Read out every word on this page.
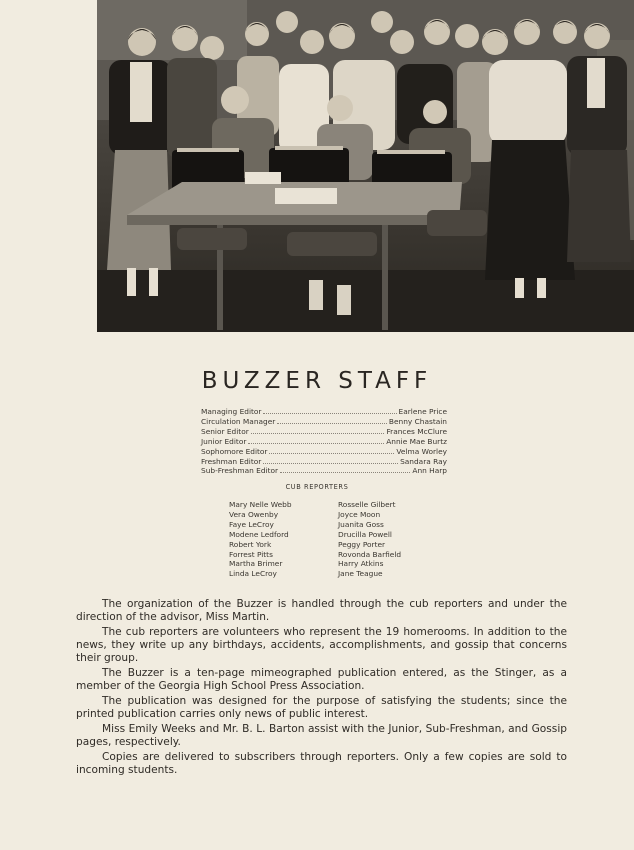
BUZZER STAFF
Managing Editor	Earlene Price
Circulation Manager	Benny Chastain
Senior Editor	Frances McClure
Junior Editor	Annie Mae Burtz
Sophomore Editor	Velma Worley
Freshman Editor	Sandara Ray
Sub-Freshman Editor	Ann Harp
CUB REPORTERS
Mary Nelle Webb
Vera Owenby
Faye LeCroy
Modene Ledford
Robert York
Forrest Pitts
Martha Brimer
Linda LeCroy
Rosselle Gilbert
Joyce Moon
Juanita Goss
Drucilla Powell
Peggy Porter
Rovonda Barfield
Harry Atkins
Jane Teague

The organization of the Buzzer is handled through the cub reporters and under the direction of the advisor, Miss Martin.

The cub reporters are volunteers who represent the 19 homerooms. In addition to the news, they write up any birthdays, accidents, accomplishments, and gossip that concerns their group.

The Buzzer is a ten-page mimeographed publication entered, as the Stinger, as a member of the Georgia High School Press Association.

The publication was designed for the purpose of satisfying the students; since the printed publication carries only news of public interest.

Miss Emily Weeks and Mr. B. L. Barton assist with the Junior, Sub-Freshman, and Gossip pages, respectively.

Copies are delivered to subscribers through reporters. Only a few copies are sold to incoming students.
